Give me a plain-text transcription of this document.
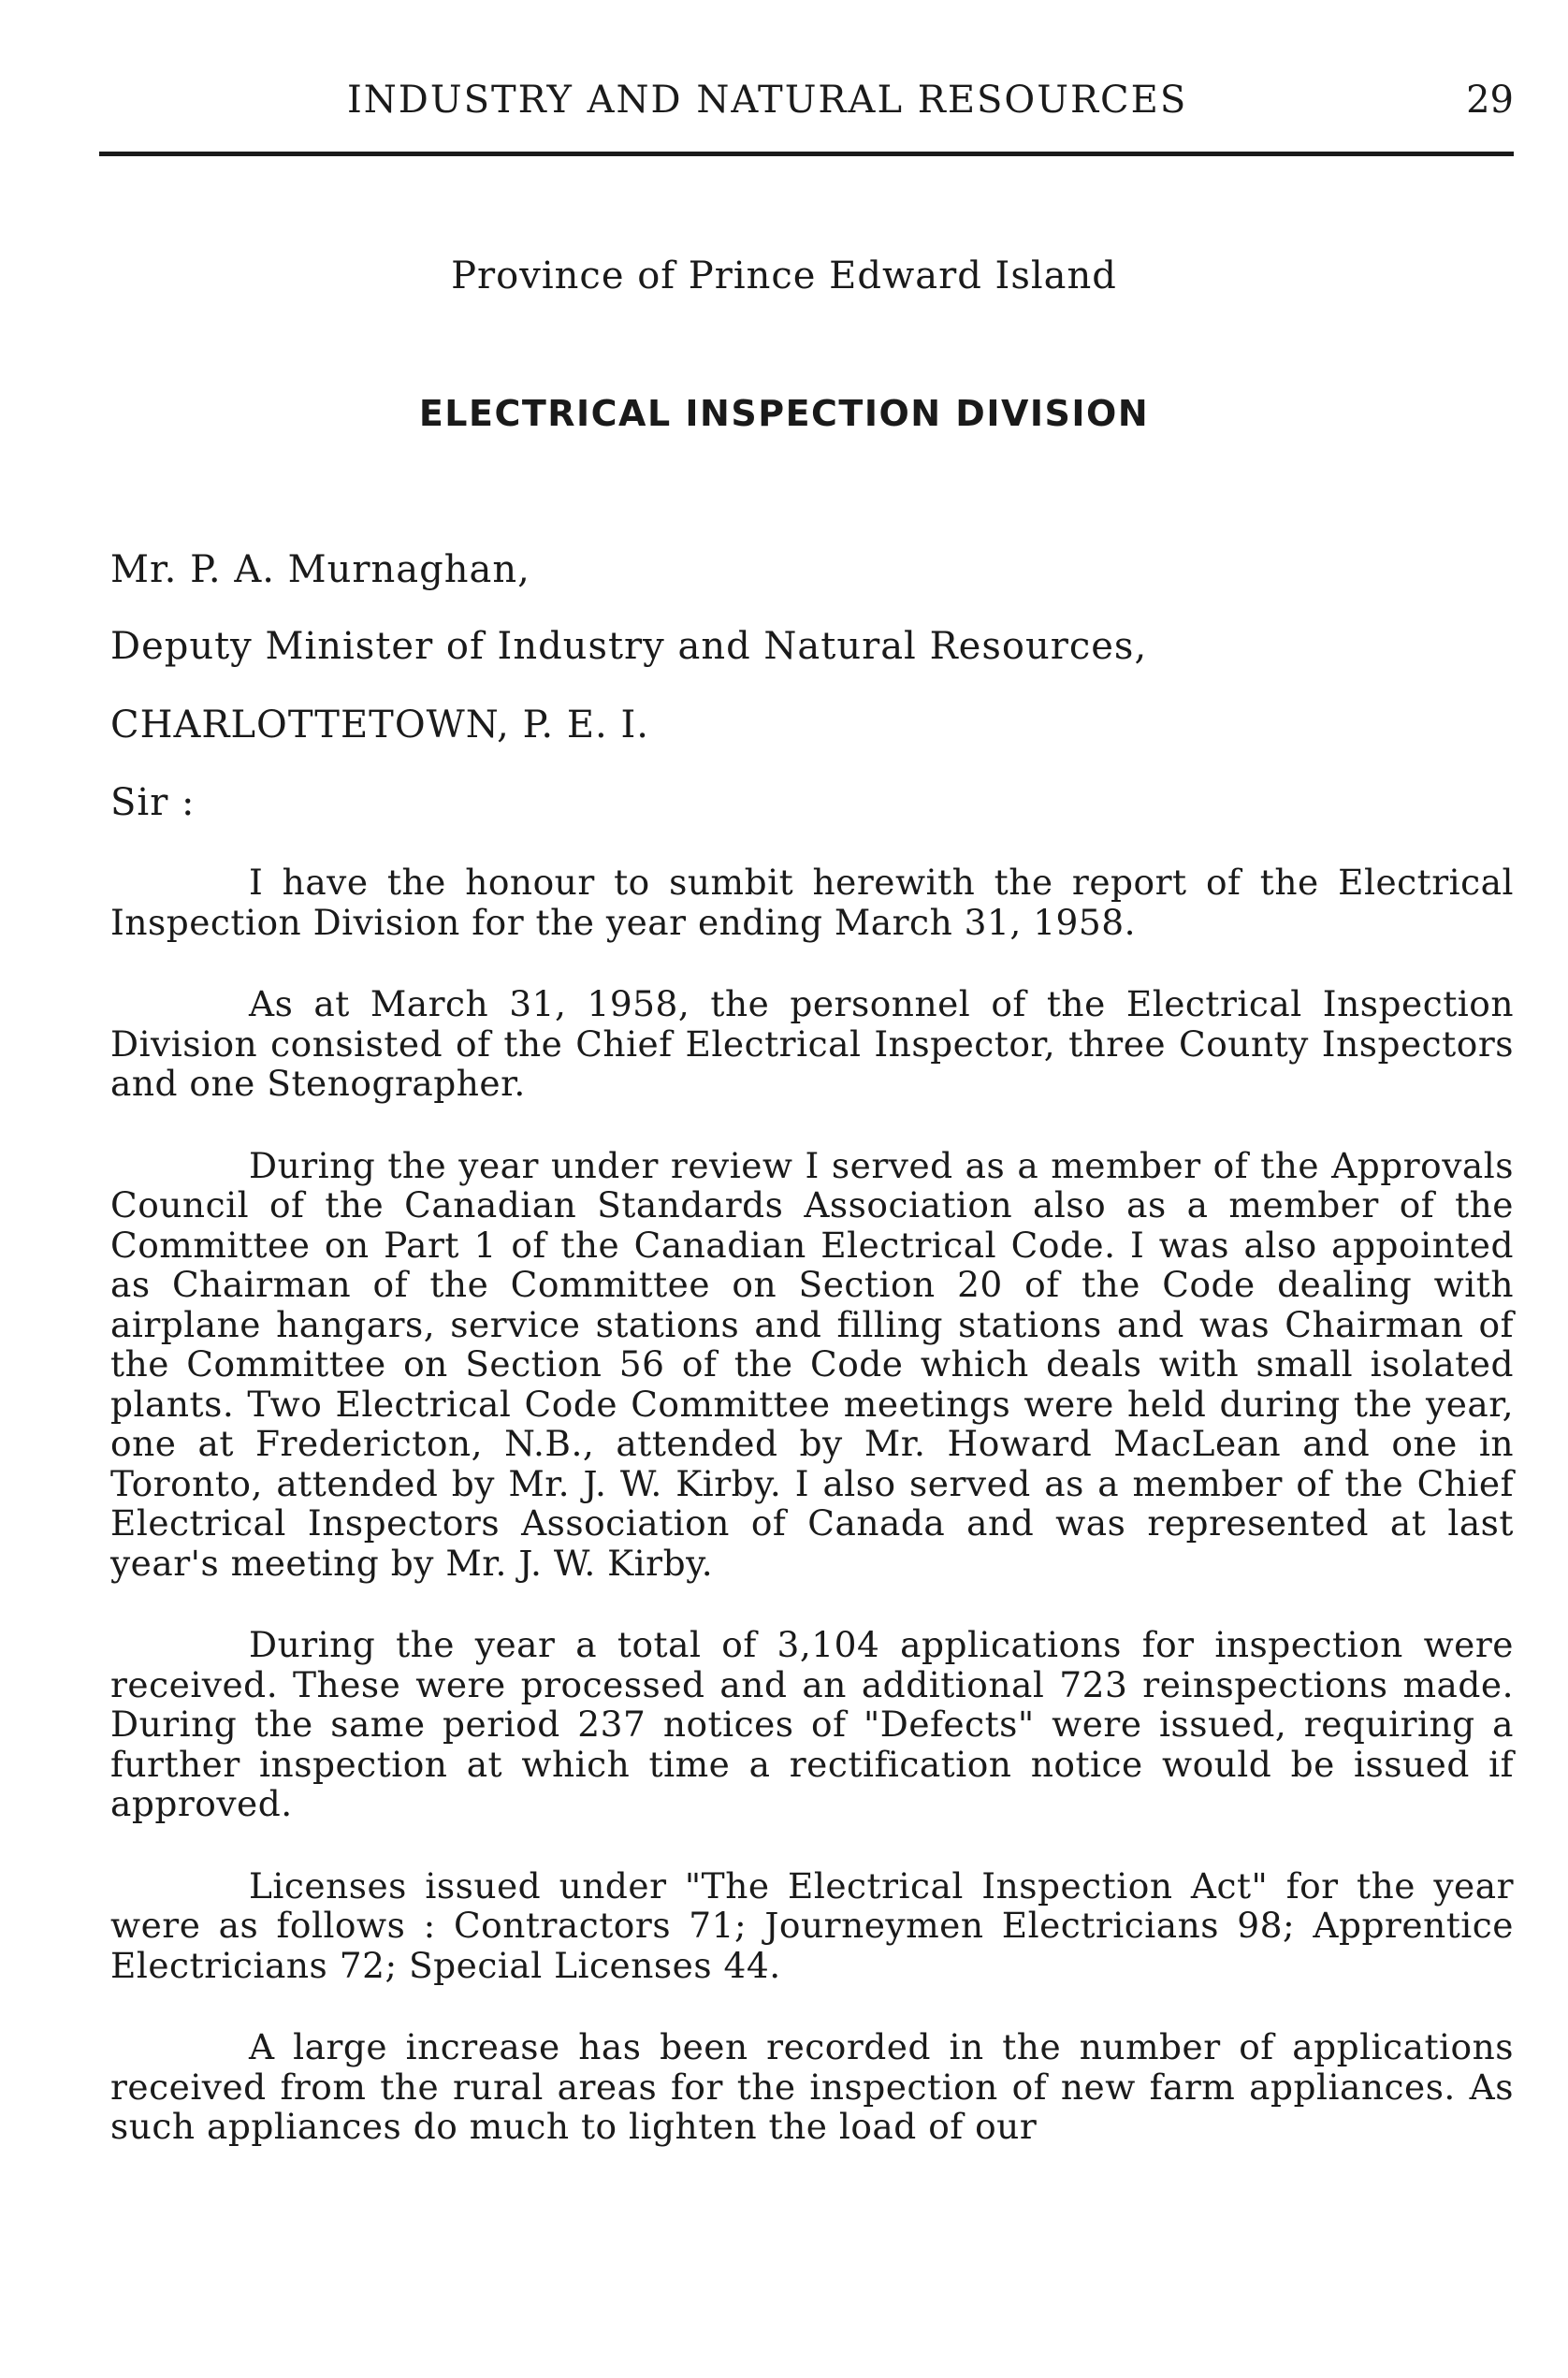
INDUSTRY AND NATURAL RESOURCES	29
Province of Prince Edward Island
ELECTRICAL INSPECTION DIVISION
Mr. P. A. Murnaghan,
Deputy Minister of Industry and Natural Resources,
CHARLOTTETOWN, P. E. I.
Sir :

I have the honour to sumbit herewith the report of the Electrical Inspection Division for the year ending March 31, 1958.

As at March 31, 1958, the personnel of the Electrical Inspection Division consisted of the Chief Electrical Inspector, three County Inspectors and one Stenographer.

During the year under review I served as a member of the Approvals Council of the Canadian Standards Association also as a member of the Committee on Part 1 of the Canadian Electrical Code. I was also appointed as Chairman of the Committee on Section 20 of the Code dealing with airplane hangars, service stations and filling stations and was Chairman of the Committee on Section 56 of the Code which deals with small isolated plants. Two Electrical Code Committee meetings were held during the year, one at Fredericton, N.B., attended by Mr. Howard MacLean and one in Toronto, attended by Mr. J. W. Kirby. I also served as a member of the Chief Electrical Inspectors Association of Canada and was represented at last year's meeting by Mr. J. W. Kirby.

During the year a total of 3,104 applications for inspection were received. These were processed and an additional 723 reinspections made. During the same period 237 notices of "Defects" were issued, requiring a further inspection at which time a rectification notice would be issued if approved.

Licenses issued under "The Electrical Inspection Act" for the year were as follows : Contractors 71; Journeymen Electricians 98; Apprentice Electricians 72; Special Licenses 44.

A large increase has been recorded in the number of applications received from the rural areas for the inspection of new farm appliances. As such appliances do much to lighten the load of our
